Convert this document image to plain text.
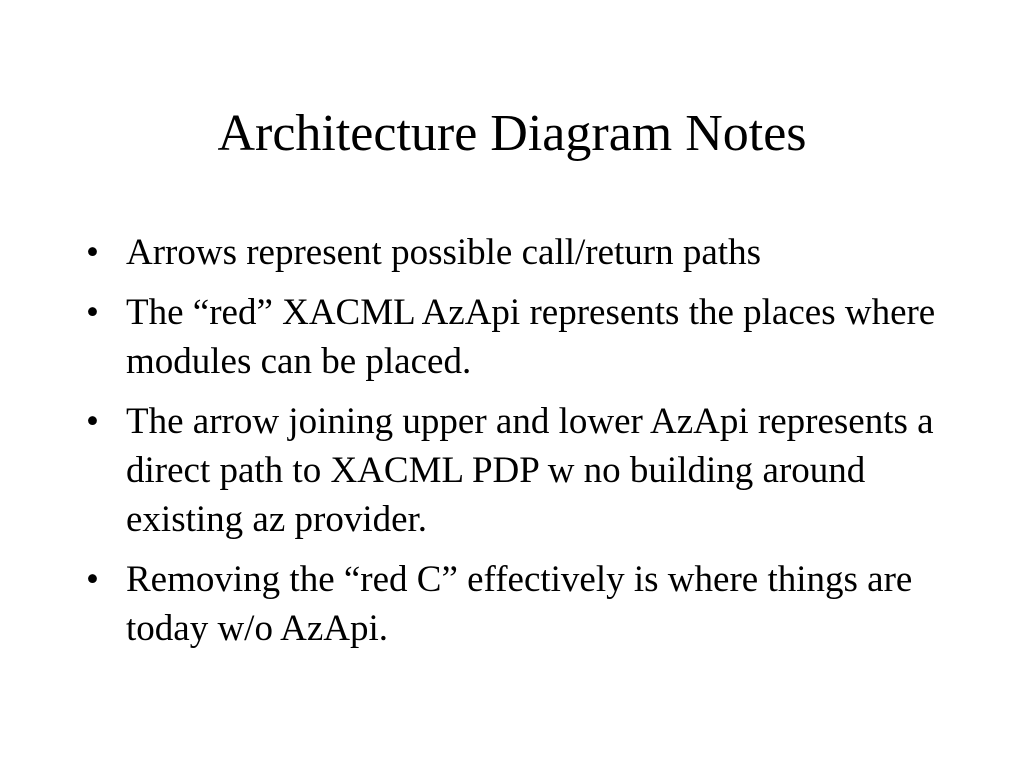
Architecture Diagram Notes
• Arrows represent possible call/return paths
• The “red” XACML AzApi represents the places where modules can be placed.
• The arrow joining upper and lower AzApi represents a direct path to XACML PDP w no building around existing az provider.
• Removing the “red C” effectively is where things are today w/o AzApi.
